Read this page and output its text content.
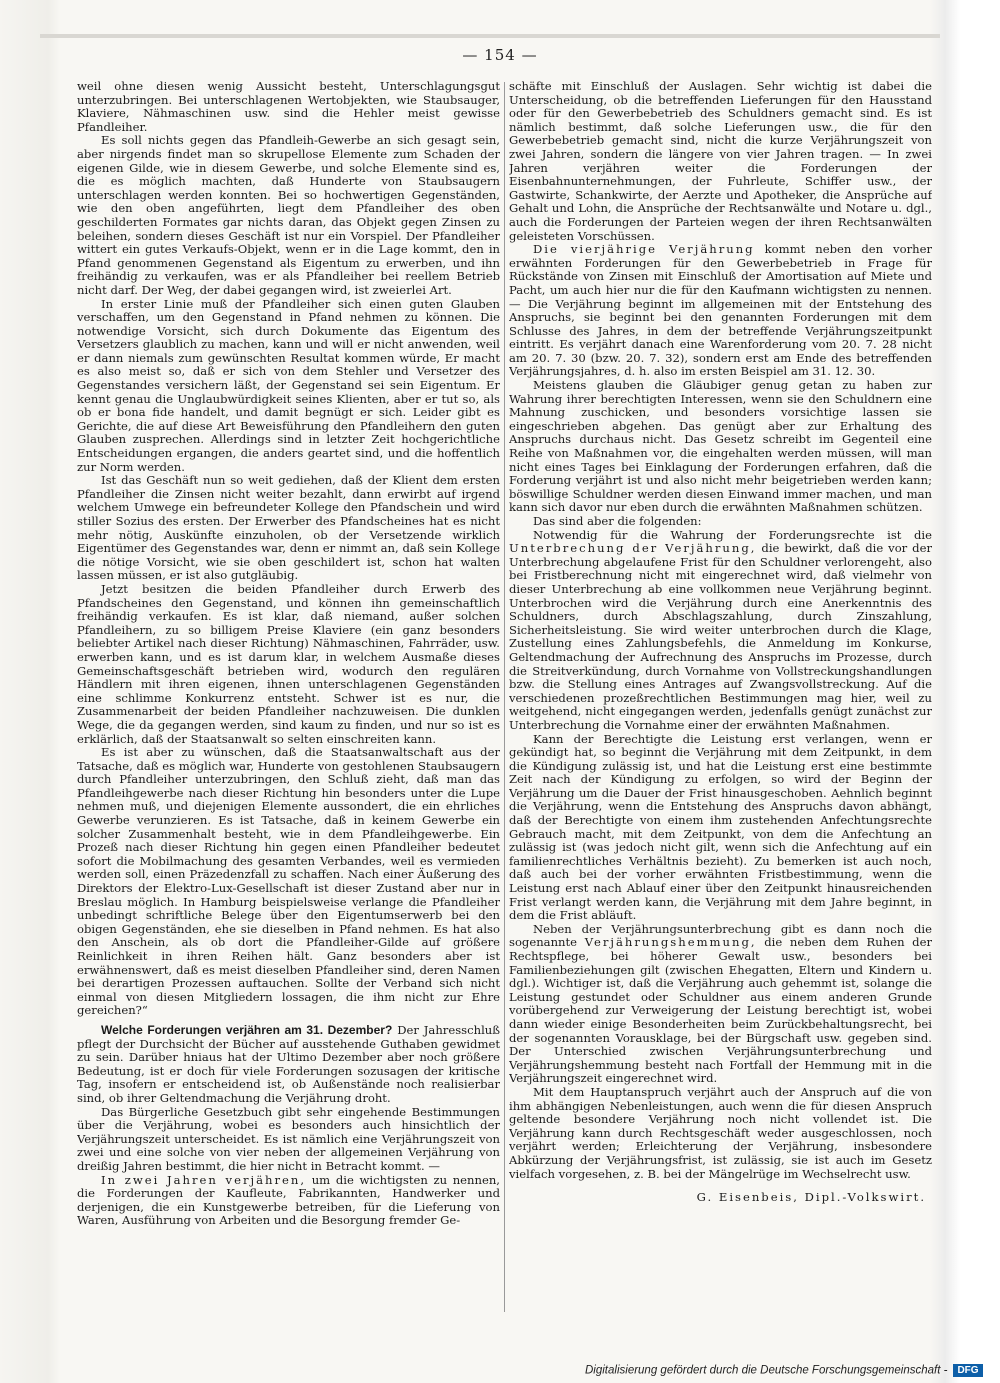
— 154 —

weil ohne diesen wenig Aussicht besteht, Unterschlagungsgut unterzubringen. Bei unterschlagenen Wertobjekten, wie Staubsauger, Klaviere, Nähmaschinen usw. sind die Hehler meist gewisse Pfandleiher.

Es soll nichts gegen das Pfandleih-Gewerbe an sich gesagt sein, aber nirgends findet man so skrupellose Elemente zum Schaden der eigenen Gilde, wie in diesem Gewerbe, und solche Elemente sind es, die es möglich machten, daß Hunderte von Staubsaugern unterschlagen werden konnten. Bei so hochwertigen Gegenständen, wie den oben angeführten, liegt dem Pfandleiher des oben geschilderten Formates gar nichts daran, das Objekt gegen Zinsen zu beleihen, sondern dieses Geschäft ist nur ein Vorspiel. Der Pfandleiher wittert ein gutes Verkaufs-Objekt, wenn er in die Lage kommt, den in Pfand genommenen Gegenstand als Eigentum zu erwerben, und ihn freihändig zu verkaufen, was er als Pfandleiher bei reellem Betrieb nicht darf. Der Weg, der dabei gegangen wird, ist zweierlei Art.

In erster Linie muß der Pfandleiher sich einen guten Glauben verschaffen, um den Gegenstand in Pfand nehmen zu können. Die notwendige Vorsicht, sich durch Dokumente das Eigentum des Versetzers glaublich zu machen, kann und will er nicht anwenden, weil er dann niemals zum gewünschten Resultat kommen würde, Er macht es also meist so, daß er sich von dem Stehler und Versetzer des Gegenstandes versichern läßt, der Gegenstand sei sein Eigentum. Er kennt genau die Unglaubwürdigkeit seines Klienten, aber er tut so, als ob er bona fide handelt, und damit begnügt er sich. Leider gibt es Gerichte, die auf diese Art Beweisführung den Pfandleihern den guten Glauben zusprechen. Allerdings sind in letzter Zeit hochgerichtliche Entscheidungen ergangen, die anders geartet sind, und die hoffentlich zur Norm werden.

Ist das Geschäft nun so weit gediehen, daß der Klient dem ersten Pfandleiher die Zinsen nicht weiter bezahlt, dann erwirbt auf irgend welchem Umwege ein befreundeter Kollege den Pfandschein und wird stiller Sozius des ersten. Der Erwerber des Pfandscheines hat es nicht mehr nötig, Auskünfte einzuholen, ob der Versetzende wirklich Eigentümer des Gegenstandes war, denn er nimmt an, daß sein Kollege die nötige Vorsicht, wie sie oben geschildert ist, schon hat walten lassen müssen, er ist also gutgläubig.

Jetzt besitzen die beiden Pfandleiher durch Erwerb des Pfandscheines den Gegenstand, und können ihn gemeinschaftlich freihändig verkaufen. Es ist klar, daß niemand, außer solchen Pfandleihern, zu so billigem Preise Klaviere (ein ganz besonders beliebter Artikel nach dieser Richtung) Nähmaschinen, Fahrräder, usw. erwerben kann, und es ist darum klar, in welchem Ausmaße dieses Gemeinschaftsgeschäft betrieben wird, wodurch den regulären Händlern mit ihren eigenen, ihnen unterschlagenen Gegenständen eine schlimme Konkurrenz entsteht. Schwer ist es nur, die Zusammenarbeit der beiden Pfandleiher nachzuweisen. Die dunklen Wege, die da gegangen werden, sind kaum zu finden, und nur so ist es erklärlich, daß der Staatsanwalt so selten einschreiten kann.

Es ist aber zu wünschen, daß die Staatsanwaltschaft aus der Tatsache, daß es möglich war, Hunderte von gestohlenen Staubsaugern durch Pfandleiher unterzubringen, den Schluß zieht, daß man das Pfandleihgewerbe nach dieser Richtung hin besonders unter die Lupe nehmen muß, und diejenigen Elemente aussondert, die ein ehrliches Gewerbe verunzieren. Es ist Tatsache, daß in keinem Gewerbe ein solcher Zusammenhalt besteht, wie in dem Pfandleihgewerbe. Ein Prozeß nach dieser Richtung hin gegen einen Pfandleiher bedeutet sofort die Mobilmachung des gesamten Verbandes, weil es vermieden werden soll, einen Präzedenzfall zu schaffen. Nach einer Äußerung des Direktors der Elektro-Lux-Gesellschaft ist dieser Zustand aber nur in Breslau möglich. In Hamburg beispielsweise verlange die Pfandleiher unbedingt schriftliche Belege über den Eigentumserwerb bei den obigen Gegenständen, ehe sie dieselben in Pfand nehmen. Es hat also den Anschein, als ob dort die Pfandleiher-Gilde auf größere Reinlichkeit in ihren Reihen hält. Ganz besonders aber ist erwähnenswert, daß es meist dieselben Pfandleiher sind, deren Namen bei derartigen Prozessen auftauchen. Sollte der Verband sich nicht einmal von diesen Mitgliedern lossagen, die ihm nicht zur Ehre gereichen?“

Welche Forderungen verjähren am 31. Dezember? Der Jahresschluß pflegt der Durchsicht der Bücher auf ausstehende Guthaben gewidmet zu sein. Darüber hniaus hat der Ultimo Dezember aber noch größere Bedeutung, ist er doch für viele Forderungen sozusagen der kritische Tag, insofern er entscheidend ist, ob Außenstände noch realisierbar sind, ob ihrer Geltendmachung die Verjährung droht.

Das Bürgerliche Gesetzbuch gibt sehr eingehende Bestimmungen über die Verjährung, wobei es besonders auch hinsichtlich der Verjährungszeit unterscheidet. Es ist nämlich eine Verjährungszeit von zwei und eine solche von vier neben der allgemeinen Verjährung von dreißig Jahren bestimmt, die hier nicht in Betracht kommt. —

In zwei Jahren verjähren, um die wichtigsten zu nennen, die Forderungen der Kaufleute, Fabrikannten, Handwerker und derjenigen, die ein Kunstgewerbe betreiben, für die Lieferung von Waren, Ausführung von Arbeiten und die Besorgung fremder Ge-

schäfte mit Einschluß der Auslagen. Sehr wichtig ist dabei die Unterscheidung, ob die betreffenden Lieferungen für den Hausstand oder für den Gewerbebetrieb des Schuldners gemacht sind. Es ist nämlich bestimmt, daß solche Lieferungen usw., die für den Gewerbebetrieb gemacht sind, nicht die kurze Verjährungszeit von zwei Jahren, sondern die längere von vier Jahren tragen. — In zwei Jahren verjähren weiter die Forderungen der Eisenbahnunternehmungen, der Fuhrleute, Schiffer usw., der Gastwirte, Schankwirte, der Aerzte und Apotheker, die Ansprüche auf Gehalt und Lohn, die Ansprüche der Rechtsanwälte und Notare u. dgl., auch die Forderungen der Parteien wegen der ihren Rechtsanwälten geleisteten Vorschüssen.

Die vierjährige Verjährung kommt neben den vorher erwähnten Forderungen für den Gewerbebetrieb in Frage für Rückstände von Zinsen mit Einschluß der Amortisation auf Miete und Pacht, um auch hier nur die für den Kaufmann wichtigsten zu nennen. — Die Verjährung beginnt im allgemeinen mit der Entstehung des Anspruchs, sie beginnt bei den genannten Forderungen mit dem Schlusse des Jahres, in dem der betreffende Verjährungszeitpunkt eintritt. Es verjährt danach eine Warenforderung vom 20. 7. 28 nicht am 20. 7. 30 (bzw. 20. 7. 32), sondern erst am Ende des betreffenden Verjährungsjahres, d. h. also im ersten Beispiel am 31. 12. 30.

Meistens glauben die Gläubiger genug getan zu haben zur Wahrung ihrer berechtigten Interessen, wenn sie den Schuldnern eine Mahnung zuschicken, und besonders vorsichtige lassen sie eingeschrieben abgehen. Das genügt aber zur Erhaltung des Anspruchs durchaus nicht. Das Gesetz schreibt im Gegenteil eine Reihe von Maßnahmen vor, die eingehalten werden müssen, will man nicht eines Tages bei Einklagung der Forderungen erfahren, daß die Forderung verjährt ist und also nicht mehr beigetrieben werden kann; böswillige Schuldner werden diesen Einwand immer machen, und man kann sich davor nur eben durch die erwähnten Maßnahmen schützen.

Das sind aber die folgenden:

Notwendig für die Wahrung der Forderungsrechte ist die Unterbrechung der Verjährung, die bewirkt, daß die vor der Unterbrechung abgelaufene Frist für den Schuldner verlorengeht, also bei Fristberechnung nicht mit eingerechnet wird, daß vielmehr von dieser Unterbrechung ab eine vollkommen neue Verjährung beginnt. Unterbrochen wird die Verjährung durch eine Anerkenntnis des Schuldners, durch Abschlagszahlung, durch Zinszahlung, Sicherheitsleistung. Sie wird weiter unterbrochen durch die Klage, Zustellung eines Zahlungsbefehls, die Anmeldung im Konkurse, Geltendmachung der Aufrechnung des Anspruchs im Prozesse, durch die Streitverkündung, durch Vornahme von Vollstreckungshandlungen bzw. die Stellung eines Antrages auf Zwangsvollstreckung. Auf die verschiedenen prozeßrechtlichen Bestimmungen mag hier, weil zu weitgehend, nicht eingegangen werden, jedenfalls genügt zunächst zur Unterbrechung die Vornahme einer der erwähnten Maßnahmen.

Kann der Berechtigte die Leistung erst verlangen, wenn er gekündigt hat, so beginnt die Verjährung mit dem Zeitpunkt, in dem die Kündigung zulässig ist, und hat die Leistung erst eine bestimmte Zeit nach der Kündigung zu erfolgen, so wird der Beginn der Verjährung um die Dauer der Frist hinausgeschoben. Aehnlich beginnt die Verjährung, wenn die Entstehung des Anspruchs davon abhängt, daß der Berechtigte von einem ihm zustehenden Anfechtungsrechte Gebrauch macht, mit dem Zeitpunkt, von dem die Anfechtung an zulässig ist (was jedoch nicht gilt, wenn sich die Anfechtung auf ein familienrechtliches Verhältnis bezieht). Zu bemerken ist auch noch, daß auch bei der vorher erwähnten Fristbestimmung, wenn die Leistung erst nach Ablauf einer über den Zeitpunkt hinausreichenden Frist verlangt werden kann, die Verjährung mit dem Jahre beginnt, in dem die Frist abläuft.

Neben der Verjährungsunterbrechung gibt es dann noch die sogenannte Verjährungshemmung, die neben dem Ruhen der Rechtspflege, bei höherer Gewalt usw., besonders bei Familienbeziehungen gilt (zwischen Ehegatten, Eltern und Kindern u. dgl.). Wichtiger ist, daß die Verjährung auch gehemmt ist, solange die Leistung gestundet oder Schuldner aus einem anderen Grunde vorübergehend zur Verweigerung der Leistung berechtigt ist, wobei dann wieder einige Besonderheiten beim Zurückbehaltungsrecht, bei der sogenannten Vorausklage, bei der Bürgschaft usw. gegeben sind. Der Unterschied zwischen Verjährungsunterbrechung und Verjährungshemmung besteht nach Fortfall der Hemmung mit in die Verjährungszeit eingerechnet wird.

Mit dem Hauptanspruch verjährt auch der Anspruch auf die von ihm abhängigen Nebenleistungen, auch wenn die für diesen Anspruch geltende besondere Verjährung noch nicht vollendet ist. Die Verjährung kann durch Rechtsgeschäft weder ausgeschlossen, noch verjährt werden; Erleichterung der Verjährung, insbesondere Abkürzung der Verjährungsfrist, ist zulässig, sie ist auch im Gesetz vielfach vorgesehen, z. B. bei der Mängelrüge im Wechselrecht usw.

G. Eisenbeis, Dipl.-Volkswirt.
Digitalisierung gefördert durch die Deutsche Forschungsgemeinschaft - DFG
